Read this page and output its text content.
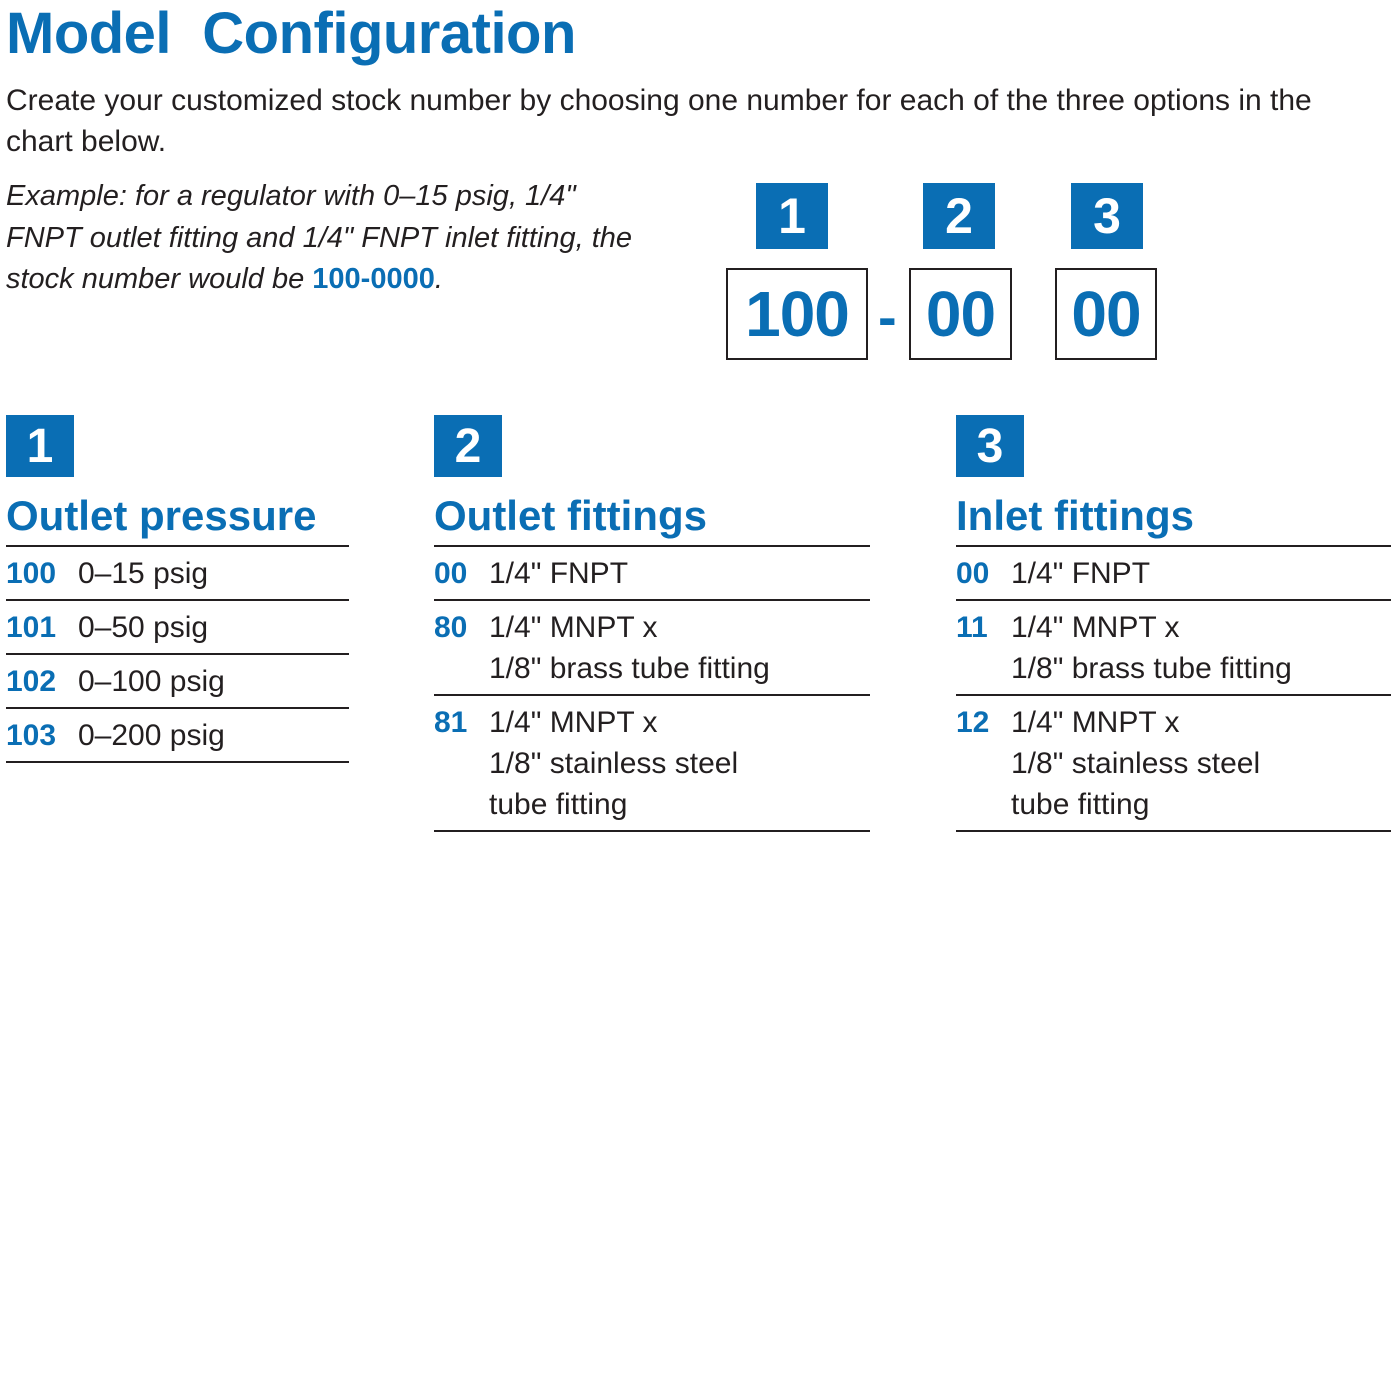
Model  Configuration
Create your customized stock number by choosing one number for each of the three options in the chart below.
Example: for a regulator with 0–15 psig, 1/4" FNPT outlet fitting and 1/4" FNPT inlet fitting, the stock number would be 100-0000.
1	2	3
100 - 00 00
1	2	3
Outlet pressure
100 0–15 psig
101 0–50 psig
102 0–100 psig
103 0–200 psig
Outlet fittings
00 1/4" FNPT
80 1/4" MNPT x
1/8" brass tube fitting
81 1/4" MNPT x
1/8" stainless steel
tube fitting
Inlet fittings
00 1/4" FNPT
11 1/4" MNPT x
1/8" brass tube fitting
12 1/4" MNPT x
1/8" stainless steel
tube fitting
